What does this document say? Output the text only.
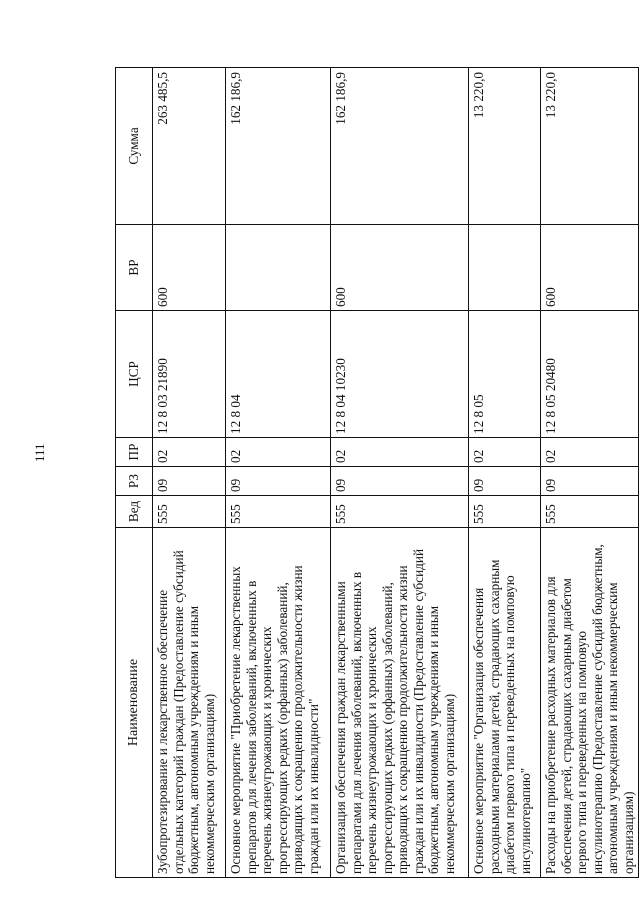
111
Наименование	Вед	РЗ	ПР	ЦСР	ВР	Сумма
Зубопротезирование и лекарственное обеспечение отдельных категорий граждан (Предоставление субсидий бюджетным, автономным учреждениям и иным некоммерческим организациям)	555	09	02	12 8 03 21890	600	263 485,5
Основное мероприятие "Приобретение лекарственных препаратов для лечения заболеваний, включенных в перечень жизнеугрожающих и хронических прогрессирующих редких (орфанных) заболеваний, приводящих к сокращению продолжительности жизни граждан или их инвалидности"	555	09	02	12 8 04		162 186,9
Организация обеспечения граждан лекарственными препаратами для лечения заболеваний, включенных в перечень жизнеугрожающих и хронических прогрессирующих редких (орфанных) заболеваний, приводящих к сокращению продолжительности жизни граждан или их инвалидности (Предоставление субсидий бюджетным, автономным учреждениям и иным некоммерческим организациям)	555	09	02	12 8 04 10230	600	162 186,9
Основное мероприятие "Организация обеспечения расходными материалами детей, страдающих сахарным диабетом первого типа и переведенных на помповую инсулинотерапию"	555	09	02	12 8 05		13 220,0
Расходы на приобретение расходных материалов для обеспечения детей, страдающих сахарным диабетом первого типа и переведенных на помповую инсулинотерапию (Предоставление субсидий бюджетным, автономным учреждениям и иным некоммерческим организациям)	555	09	02	12 8 05 20480	600	13 220,0
